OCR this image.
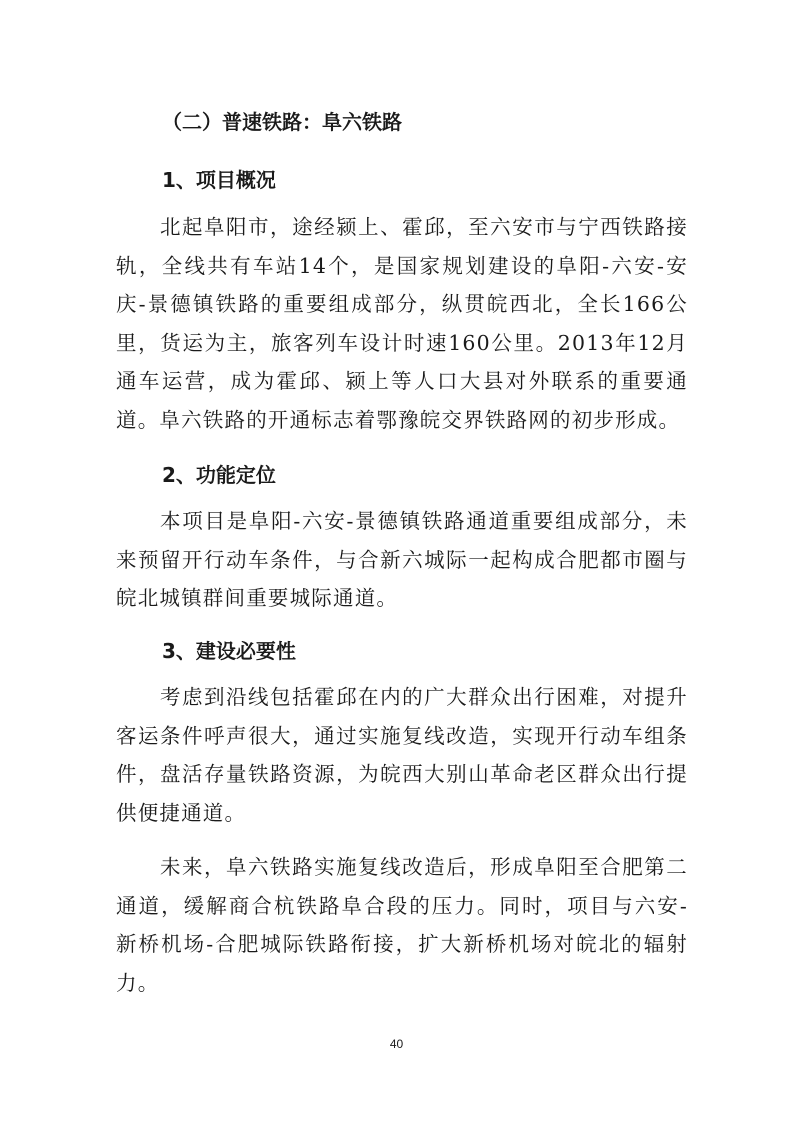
（二）普速铁路：阜六铁路
1、项目概况

北起阜阳市，途经颍上、霍邱，至六安市与宁西铁路接轨，全线共有车站14个，是国家规划建设的阜阳-六安-安庆-景德镇铁路的重要组成部分，纵贯皖西北，全长166公里，货运为主，旅客列车设计时速160公里。2013年12月通车运营，成为霍邱、颍上等人口大县对外联系的重要通道。阜六铁路的开通标志着鄂豫皖交界铁路网的初步形成。

2、功能定位

本项目是阜阳-六安-景德镇铁路通道重要组成部分，未来预留开行动车条件，与合新六城际一起构成合肥都市圈与皖北城镇群间重要城际通道。

3、建设必要性

考虑到沿线包括霍邱在内的广大群众出行困难，对提升客运条件呼声很大，通过实施复线改造，实现开行动车组条件，盘活存量铁路资源，为皖西大别山革命老区群众出行提供便捷通道。

未来，阜六铁路实施复线改造后，形成阜阳至合肥第二通道，缓解商合杭铁路阜合段的压力。同时，项目与六安-新桥机场-合肥城际铁路衔接，扩大新桥机场对皖北的辐射力。

40
